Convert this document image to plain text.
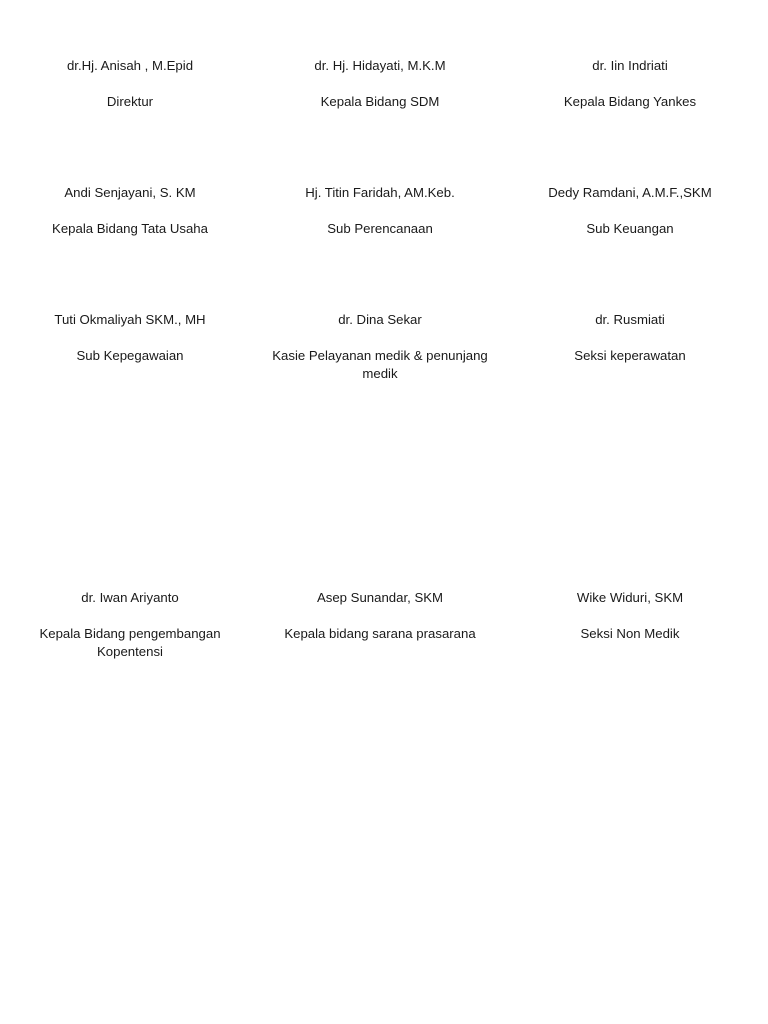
dr.Hj. Anisah , M.Epid
Direktur
dr. Hj. Hidayati, M.K.M
Kepala Bidang SDM
dr. Iin Indriati
Kepala Bidang Yankes
Andi Senjayani, S. KM
Kepala Bidang Tata Usaha
Hj. Titin Faridah, AM.Keb.
Sub Perencanaan
Dedy Ramdani, A.M.F.,SKM
Sub Keuangan
Tuti Okmaliyah SKM., MH
Sub Kepegawaian
dr. Dina Sekar
Kasie Pelayanan medik & penunjang medik
dr. Rusmiati
Seksi keperawatan
dr. Iwan Ariyanto
Kepala Bidang pengembangan Kopentensi
Asep Sunandar, SKM
Kepala bidang sarana prasarana
Wike Widuri, SKM
Seksi Non Medik
